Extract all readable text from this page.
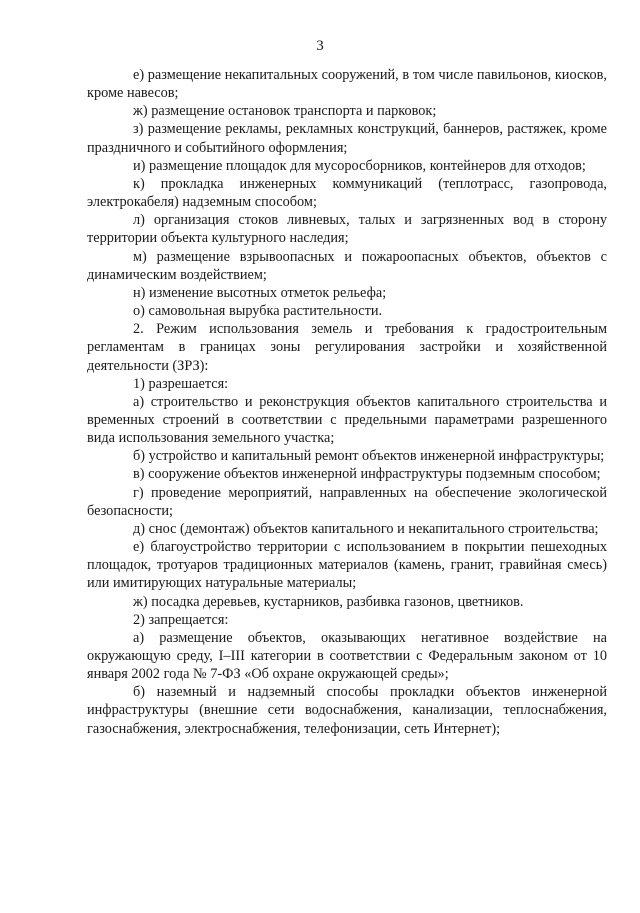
3

е) размещение некапитальных сооружений, в том числе павильонов, киосков, кроме навесов;

ж) размещение остановок транспорта и парковок;

з) размещение рекламы, рекламных конструкций, баннеров, растяжек, кроме праздничного и событийного оформления;

и) размещение площадок для мусоросборников, контейнеров для отходов;

к) прокладка инженерных коммуникаций (теплотрасс, газопровода, электрокабеля) надземным способом;

л) организация стоков ливневых, талых и загрязненных вод в сторону территории объекта культурного наследия;

м) размещение взрывоопасных и пожароопасных объектов, объектов с динамическим воздействием;

н) изменение высотных отметок рельефа;

о) самовольная вырубка растительности.

2. Режим использования земель и требования к градостроительным регламентам в границах зоны регулирования застройки и хозяйственной деятельности (ЗРЗ):

1) разрешается:

а) строительство и реконструкция объектов капитального строительства и временных строений в соответствии с предельными параметрами разрешенного вида использования земельного участка;

б) устройство и капитальный ремонт объектов инженерной инфраструктуры;

в) сооружение объектов инженерной инфраструктуры подземным способом;

г) проведение мероприятий, направленных на обеспечение экологической безопасности;

д) снос (демонтаж) объектов капитального и некапитального строительства;

е) благоустройство территории с использованием в покрытии пешеходных площадок, тротуаров традиционных материалов (камень, гранит, гравийная смесь) или имитирующих натуральные материалы;

ж) посадка деревьев, кустарников, разбивка газонов, цветников.

2) запрещается:

а) размещение объектов, оказывающих негативное воздействие на окружающую среду, I–III категории в соответствии с Федеральным законом от 10 января 2002 года № 7-ФЗ «Об охране окружающей среды»;

б) наземный и надземный способы прокладки объектов инженерной инфраструктуры (внешние сети водоснабжения, канализации, теплоснабжения, газоснабжения, электроснабжения, телефонизации, сеть Интернет);
